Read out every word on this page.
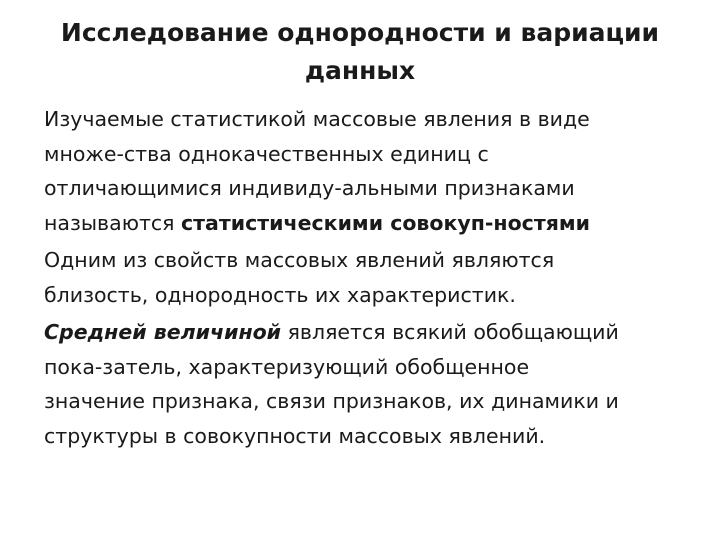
Исследование однородности и вариации
данных
Изучаемые статистикой массовые явления в виде
множе-ства однокачественных единиц с
отличающимися индивиду-альными признаками
называются статистическими совокуп-ностями
Одним из свойств массовых явлений являются
близость, однородность их характеристик.
Средней величиной является всякий обобщающий
пока-затель, характеризующий обобщенное
значение признака, связи признаков, их динамики и
структуры в совокупности массовых явлений.
